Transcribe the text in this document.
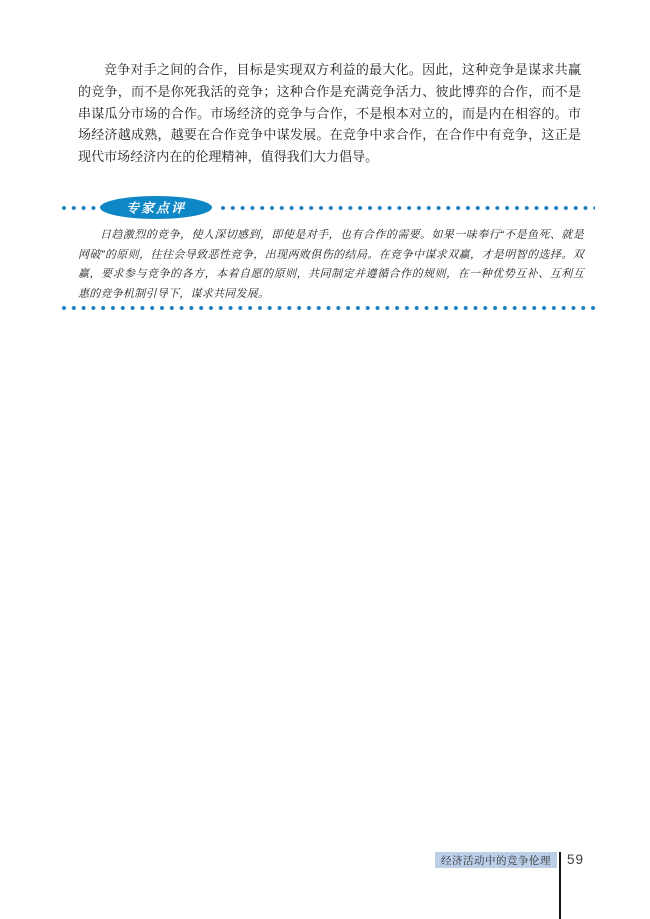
竞争对手之间的合作，目标是实现双方利益的最大化。因此，这种竞争是谋求共赢的竞争，而不是你死我活的竞争；这种合作是充满竞争活力、彼此博弈的合作，而不是串谋瓜分市场的合作。市场经济的竞争与合作，不是根本对立的，而是内在相容的。市场经济越成熟，越要在合作竞争中谋发展。在竞争中求合作，在合作中有竞争，这正是现代市场经济内在的伦理精神，值得我们大力倡导。

专家点评

日趋激烈的竞争，使人深切感到，即使是对手，也有合作的需要。如果一味奉行“不是鱼死、就是网破”的原则，往往会导致恶性竞争，出现两败俱伤的结局。在竞争中谋求双赢，才是明智的选择。双赢，要求参与竞争的各方，本着自愿的原则，共同制定并遵循合作的规则，在一种优势互补、互利互惠的竞争机制引导下，谋求共同发展。

经济活动中的竞争伦理	59
